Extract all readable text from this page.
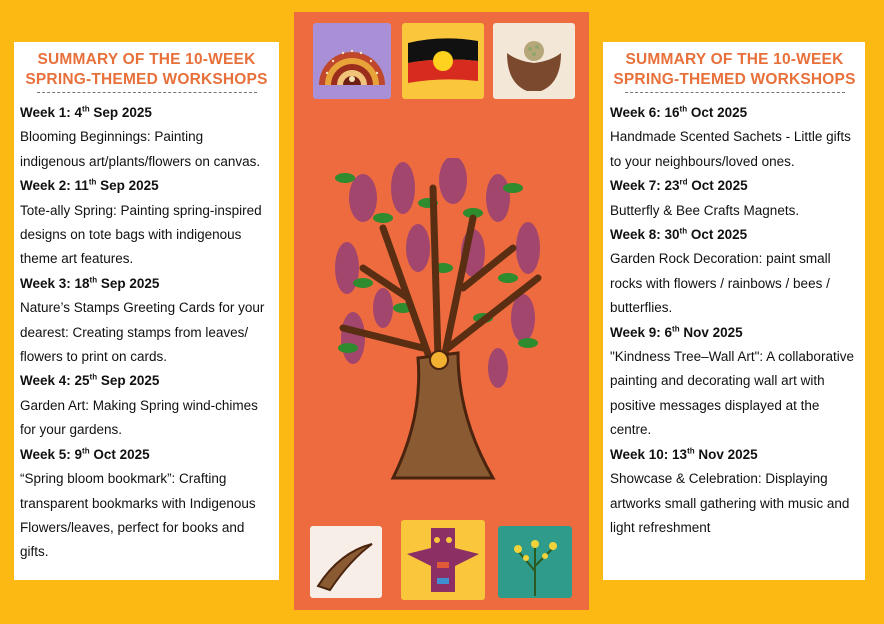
SUMMARY OF THE 10-WEEK
SPRING-THEMED WORKSHOPS
Week 1: 4th Sep 2025
Blooming Beginnings: Painting
indigenous art/plants/flowers on canvas.
Week 2: 11th Sep 2025
Tote-ally Spring: Painting spring-inspired
designs on tote bags with indigenous
theme art features.
Week 3: 18th Sep 2025
Nature’s Stamps Greeting Cards for your
dearest: Creating stamps from leaves/
flowers to print on cards.
Week 4: 25th Sep 2025
Garden Art: Making Spring wind-chimes
for your gardens.
Week 5: 9th Oct 2025
“Spring bloom bookmark”: Crafting
transparent bookmarks with Indigenous
Flowers/leaves, perfect for books and
gifts.
SUMMARY OF THE 10-WEEK
SPRING-THEMED WORKSHOPS
Week 6: 16th Oct 2025
Handmade Scented Sachets - Little gifts
to your neighbours/loved ones.
Week 7: 23rd Oct 2025
Butterfly & Bee Crafts Magnets.
Week 8: 30th Oct 2025
Garden Rock Decoration: paint small
rocks with flowers / rainbows / bees /
butterflies.
Week 9: 6th Nov 2025
"Kindness Tree–Wall Art": A collaborative
painting and decorating wall art with
positive messages displayed at the
centre.
Week 10: 13th Nov 2025
Showcase & Celebration: Displaying
artworks small gathering with music and
light refreshment
